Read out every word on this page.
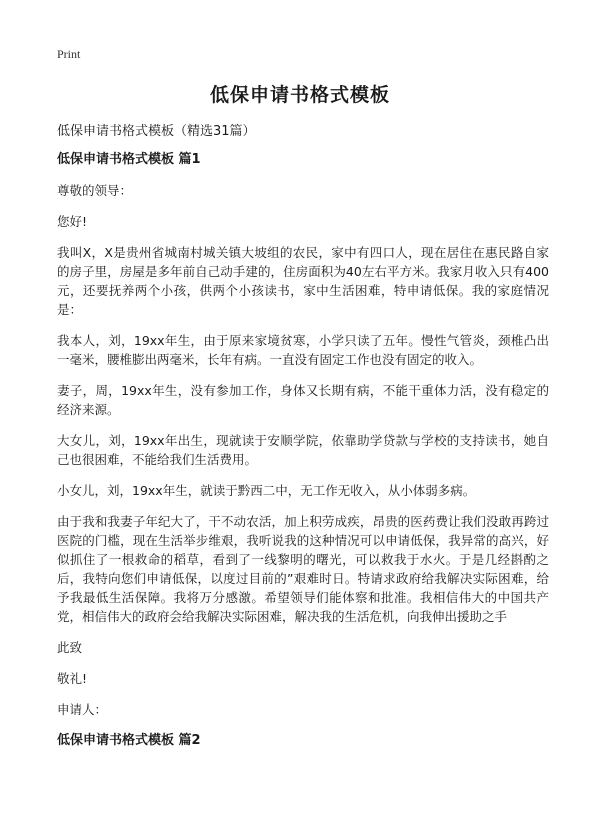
Print
低保申请书格式模板
低保申请书格式模板（精选31篇）
低保申请书格式模板 篇1
尊敬的领导：
您好!
我叫X，X是贵州省城南村城关镇大坡组的农民，家中有四口人，现在居住在惠民路自家的房子里，房屋是多年前自己动手建的，住房面积为40左右平方米。我家月收入只有400元，还要抚养两个小孩，供两个小孩读书，家中生活困难，特申请低保。我的家庭情况是：
我本人，刘，19xx年生，由于原来家境贫寒，小学只读了五年。慢性气管炎，颈椎凸出一毫米，腰椎膨出两毫米，长年有病。一直没有固定工作也没有固定的收入。
妻子，周，19xx年生，没有参加工作，身体又长期有病，不能干重体力活，没有稳定的经济来源。
大女儿，刘，19xx年出生，现就读于安顺学院，依靠助学贷款与学校的支持读书，她自己也很困难，不能给我们生活费用。
小女儿，刘，19xx年生，就读于黔西二中，无工作无收入，从小体弱多病。
由于我和我妻子年纪大了，干不动农活，加上积劳成疾，昂贵的医药费让我们没敢再跨过医院的门槛，现在生活举步维艰，我听说我的这种情况可以申请低保，我异常的高兴，好似抓住了一根救命的稻草，看到了一线黎明的曙光，可以救我于水火。于是几经斟酌之后，我特向您们申请低保，以度过目前的”艰难时日。特请求政府给我解决实际困难，给予我最低生活保障。我将万分感激。希望领导们能体察和批准。我相信伟大的中国共产党，相信伟大的政府会给我解决实际困难，解决我的生活危机，向我伸出援助之手
此致
敬礼!
申请人：
低保申请书格式模板 篇2
